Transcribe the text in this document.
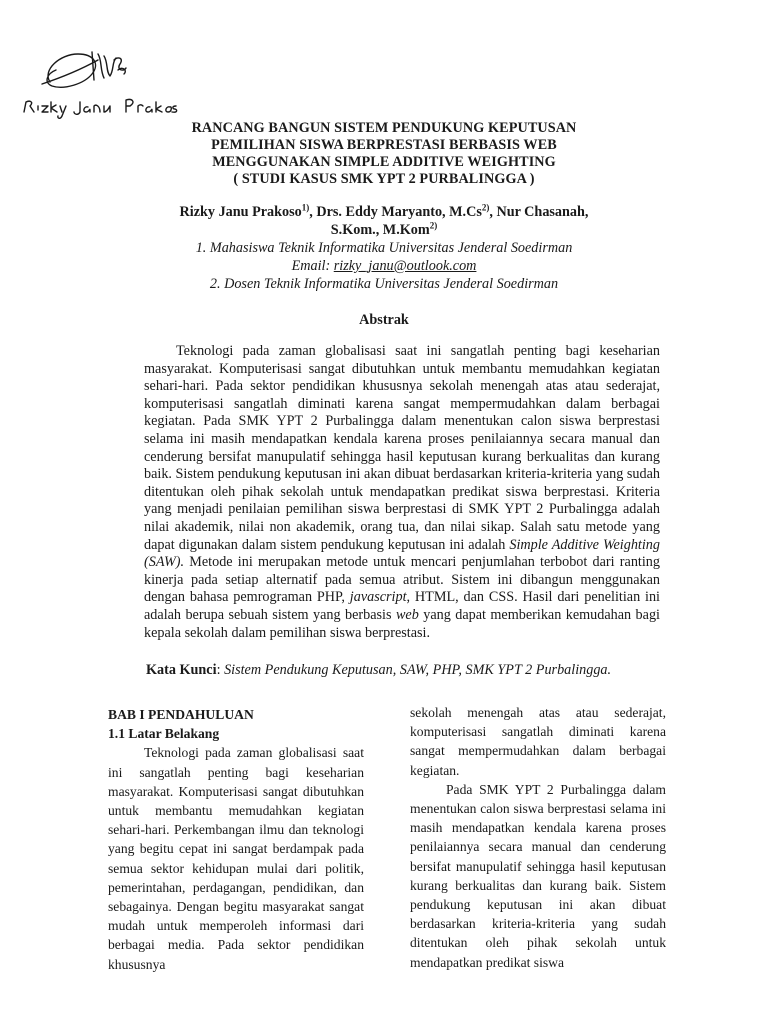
RANCANG BANGUN SISTEM PENDUKUNG KEPUTUSAN
PEMILIHAN SISWA BERPRESTASI BERBASIS WEB
MENGGUNAKAN SIMPLE ADDITIVE WEIGHTING
( STUDI KASUS SMK YPT 2 PURBALINGGA )
Rizky Janu Prakoso$^{1)}$, Drs. Eddy Maryanto, M.Cs$^{2)}$, Nur Chasanah,
S.Kom., M.Kom$^{2)}$
1. Mahasiswa Teknik Informatika Universitas Jenderal Soedirman
Email: rizky_janu@outlook.com
2. Dosen Teknik Informatika Universitas Jenderal Soedirman
Abstrak

Teknologi pada zaman globalisasi saat ini sangatlah penting bagi keseharian masyarakat. Komputerisasi sangat dibutuhkan untuk membantu memudahkan kegiatan sehari-hari. Pada sektor pendidikan khususnya sekolah menengah atas atau sederajat, komputerisasi sangatlah diminati karena sangat mempermudahkan dalam berbagai kegiatan. Pada SMK YPT 2 Purbalingga dalam menentukan calon siswa berprestasi selama ini masih mendapatkan kendala karena proses penilaiannya secara manual dan cenderung bersifat manupulatif sehingga hasil keputusan kurang berkualitas dan kurang baik. Sistem pendukung keputusan ini akan dibuat berdasarkan kriteria-kriteria yang sudah ditentukan oleh pihak sekolah untuk mendapatkan predikat siswa berprestasi. Kriteria yang menjadi penilaian pemilihan siswa berprestasi di SMK YPT 2 Purbalingga adalah nilai akademik, nilai non akademik, orang tua, dan nilai sikap. Salah satu metode yang dapat digunakan dalam sistem pendukung keputusan ini adalah Simple Additive Weighting (SAW). Metode ini merupakan metode untuk mencari penjumlahan terbobot dari ranting kinerja pada setiap alternatif pada semua atribut. Sistem ini dibangun menggunakan dengan bahasa pemrograman PHP, javascript, HTML, dan CSS. Hasil dari penelitian ini adalah berupa sebuah sistem yang berbasis web yang dapat memberikan kemudahan bagi kepala sekolah dalam pemilihan siswa berprestasi.

Kata Kunci: Sistem Pendukung Keputusan, SAW, PHP, SMK YPT 2 Purbalingga.
BAB I PENDAHULUAN
1.1 Latar Belakang

Teknologi pada zaman globalisasi saat ini sangatlah penting bagi keseharian masyarakat. Komputerisasi sangat dibutuhkan untuk membantu memudahkan kegiatan sehari-hari. Perkembangan ilmu dan teknologi yang begitu cepat ini sangat berdampak pada semua sektor kehidupan mulai dari politik, pemerintahan, perdagangan, pendidikan, dan sebagainya. Dengan begitu masyarakat sangat mudah untuk memperoleh informasi dari berbagai media. Pada sektor pendidikan khususnya

sekolah menengah atas atau sederajat, komputerisasi sangatlah diminati karena sangat mempermudahkan dalam berbagai kegiatan.

Pada SMK YPT 2 Purbalingga dalam menentukan calon siswa berprestasi selama ini masih mendapatkan kendala karena proses penilaiannya secara manual dan cenderung bersifat manupulatif sehingga hasil keputusan kurang berkualitas dan kurang baik. Sistem pendukung keputusan ini akan dibuat berdasarkan kriteria-kriteria yang sudah ditentukan oleh pihak sekolah untuk mendapatkan predikat siswa
